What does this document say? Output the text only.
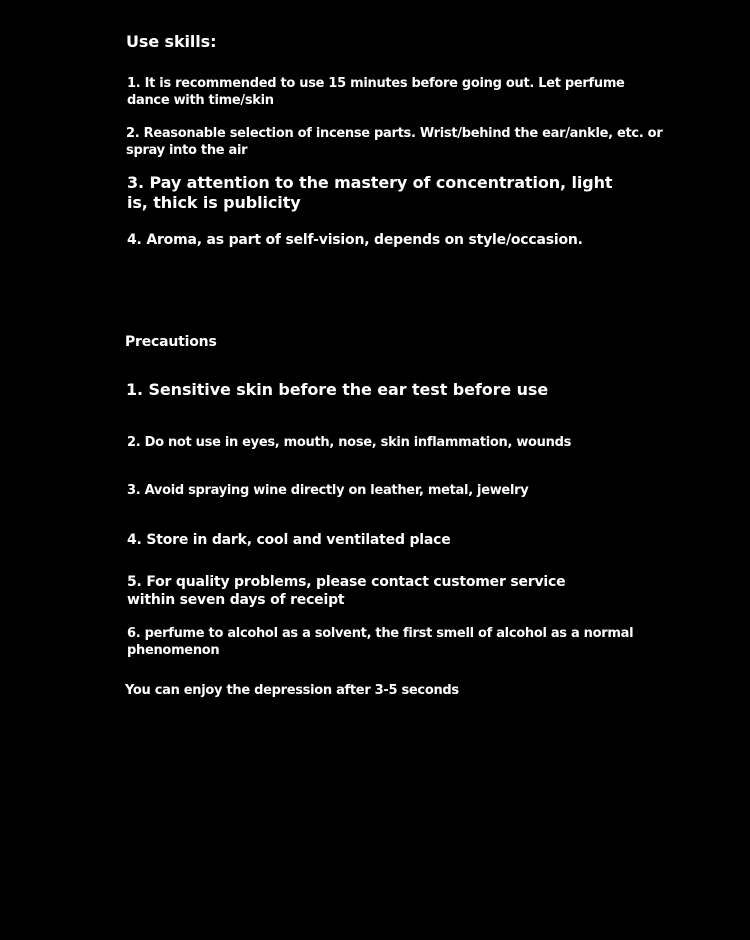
Use skills:
1. It is recommended to use 15 minutes before going out. Let perfume
dance with time/skin
2. Reasonable selection of incense parts. Wrist/behind the ear/ankle, etc. or
spray into the air
3. Pay attention to the mastery of concentration, light
is, thick is publicity
4. Aroma, as part of self-vision, depends on style/occasion.
Precautions
1. Sensitive skin before the ear test before use
2. Do not use in eyes, mouth, nose, skin inflammation, wounds
3. Avoid spraying wine directly on leather, metal, jewelry
4. Store in dark, cool and ventilated place
5. For quality problems, please contact customer service
within seven days of receipt
6. perfume to alcohol as a solvent, the first smell of alcohol as a normal
phenomenon
You can enjoy the depression after 3-5 seconds
